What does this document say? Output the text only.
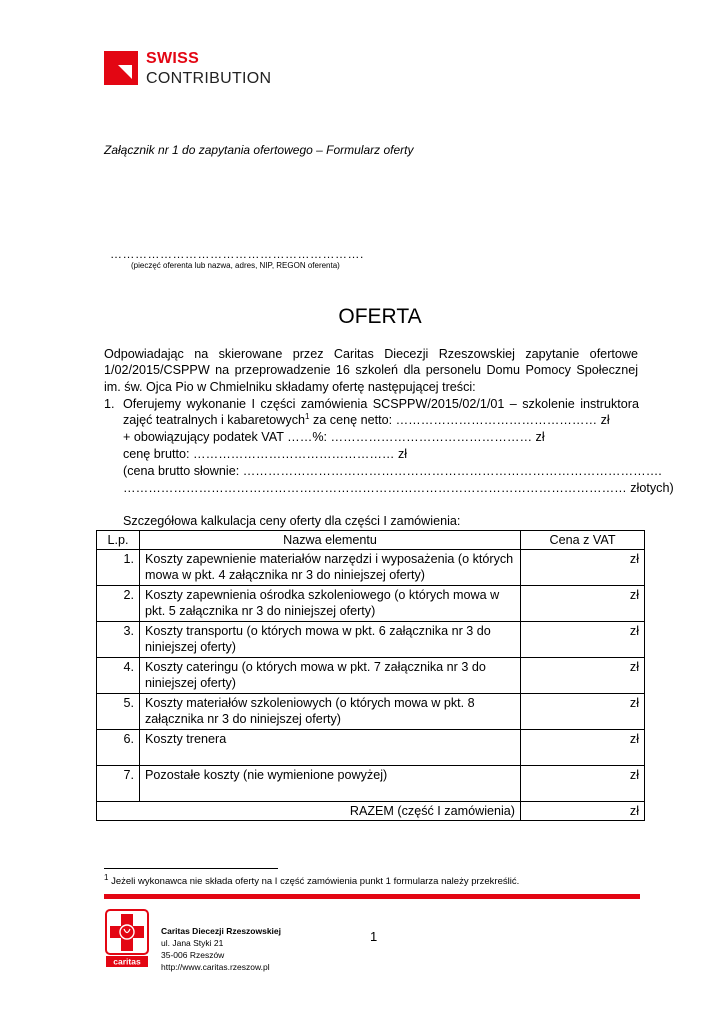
SWISS
CONTRIBUTION
Załącznik nr 1 do zapytania ofertowego – Formularz oferty
…………………………………………………….
(pieczęć oferenta lub nazwa, adres, NIP, REGON oferenta)
OFERTA
Odpowiadając na skierowane przez Caritas Diecezji Rzeszowskiej zapytanie ofertowe 1/02/2015/CSPPW na przeprowadzenie 16 szkoleń dla personelu Domu Pomocy Społecznej im. św. Ojca Pio w Chmielniku składamy ofertę następującej treści:
1. Oferujemy wykonanie I części zamówienia SCSPPW/2015/02/1/01 – szkolenie instruktora zajęć teatralnych i kabaretowych$^1$ za cenę netto: ………………………………………… zł
+ obowiązujący podatek VAT ……%: ………………………………………… zł
cenę brutto: ………………………………………… zł
(cena brutto słownie: ……………………………………………………………………………………….
………………………………………………………………………………………………………… złotych)
Szczegółowa kalkulacja ceny oferty dla części I zamówienia:
L.p.	Nazwa elementu	Cena z VAT
1.	Koszty zapewnienie materiałów narzędzi i wyposażenia (o których mowa w pkt. 4 załącznika nr 3 do niniejszej oferty)	zł
2.	Koszty zapewnienia ośrodka szkoleniowego (o których mowa w pkt. 5 załącznika nr 3 do niniejszej oferty)	zł
3.	Koszty transportu (o których mowa w pkt. 6 załącznika nr 3 do niniejszej oferty)	zł
4.	Koszty cateringu (o których mowa w pkt. 7 załącznika nr 3 do niniejszej oferty)	zł
5.	Koszty materiałów szkoleniowych (o których mowa w pkt. 8 załącznika nr 3 do niniejszej oferty)	zł
6.	Koszty trenera	zł
7.	Pozostałe koszty (nie wymienione powyżej)	zł
RAZEM (część I zamówienia)		zł
$^1$ Jeżeli wykonawca nie składa oferty na I część zamówienia punkt 1 formularza należy przekreślić.
caritas
Caritas Diecezji Rzeszowskiej
ul. Jana Styki 21
35-006 Rzeszów
http://www.caritas.rzeszow.pl
1
